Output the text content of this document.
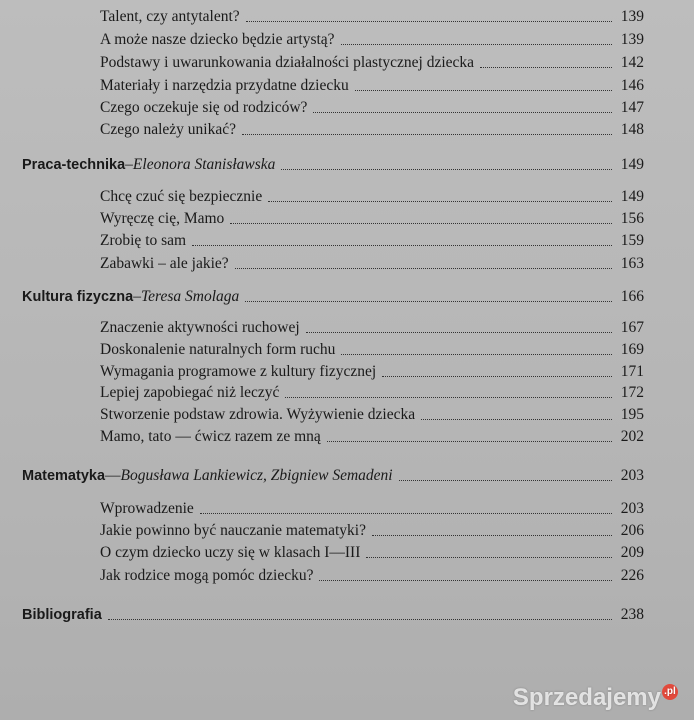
Talent, czy antytalent?	139
A może nasze dziecko będzie artystą?	139
Podstawy i uwarunkowania działalności plastycznej dziecka	142
Materiały i narzędzia przydatne dziecku	146
Czego oczekuje się od rodziców?	147
Czego należy unikać?	148
Praca-technika – Eleonora Stanisławska	149
Chcę czuć się bezpiecznie	149
Wyręczę cię, Mamo	156
Zrobię to sam	159
Zabawki – ale jakie?	163
Kultura fizyczna – Teresa Smolaga	166
Znaczenie aktywności ruchowej	167
Doskonalenie naturalnych form ruchu	169
Wymagania programowe z kultury fizycznej	171
Lepiej zapobiegać niż leczyć	172
Stworzenie podstaw zdrowia. Wyżywienie dziecka	195
Mamo, tato — ćwicz razem ze mną	202
Matematyka — Bogusława Lankiewicz, Zbigniew Semadeni	203
Wprowadzenie	203
Jakie powinno być nauczanie matematyki?	206
O czym dziecko uczy się w klasach I—III	209
Jak rodzice mogą pomóc dziecku?	226
Bibliografia	238
Sprzedajemy .pl
